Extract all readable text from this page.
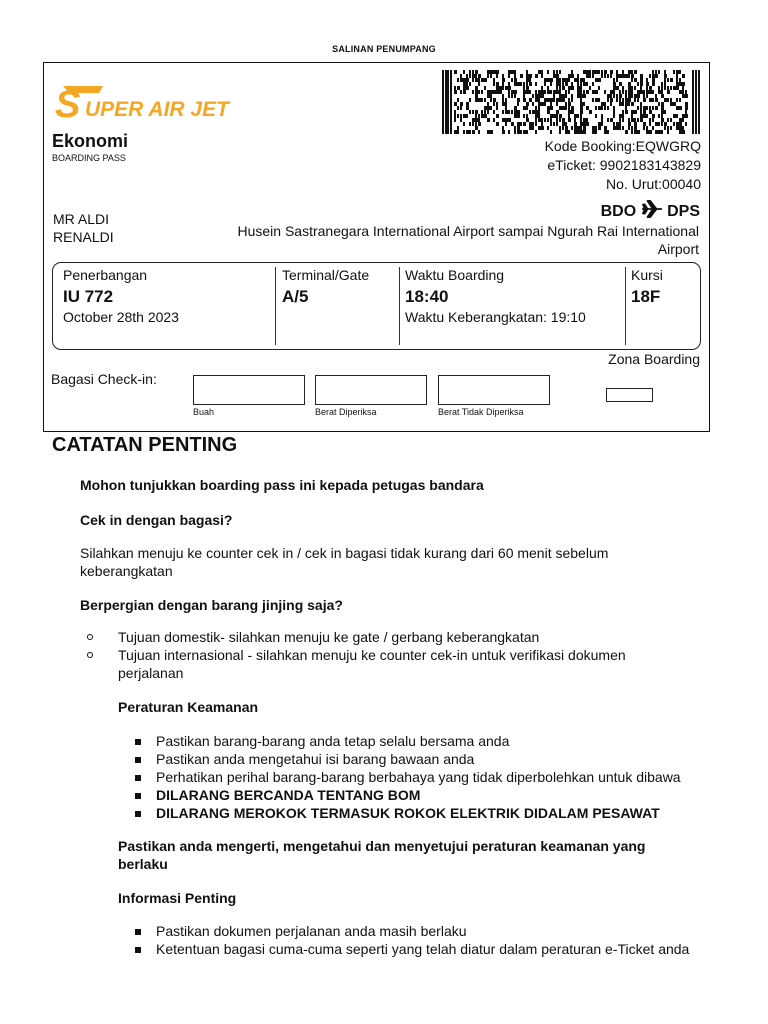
SALINAN PENUMPANG
S UPER AIR JET
Ekonomi
BOARDING PASS
Kode Booking:EQWGRQ
eTicket: 9902183143829
No. Urut:00040
MR ALDI
RENALDI
BDO DPS
Husein Sastranegara International Airport sampai Ngurah Rai International
Airport
Penerbangan
IU 772
October 28th 2023
Terminal/Gate
A/5
Waktu Boarding
18:40
Waktu Keberangkatan: 19:10
Kursi
18F
Zona Boarding
Bagasi Check-in:
Buah	Berat Diperiksa	Berat Tidak Diperiksa
CATATAN PENTING
Mohon tunjukkan boarding pass ini kepada petugas bandara
Cek in dengan bagasi?
Silahkan menuju ke counter cek in / cek in bagasi tidak kurang dari 60 menit sebelum
keberangkatan
Berpergian dengan barang jinjing saja?
Tujuan domestik- silahkan menuju ke gate / gerbang keberangkatan
Tujuan internasional - silahkan menuju ke counter cek-in untuk verifikasi dokumen perjalanan
Peraturan Keamanan
Pastikan barang-barang anda tetap selalu bersama anda
Pastikan anda mengetahui isi barang bawaan anda
Perhatikan perihal barang-barang berbahaya yang tidak diperbolehkan untuk dibawa
DILARANG BERCANDA TENTANG BOM
DILARANG MEROKOK TERMASUK ROKOK ELEKTRIK DIDALAM PESAWAT
Pastikan anda mengerti, mengetahui dan menyetujui peraturan keamanan yang berlaku
Informasi Penting
Pastikan dokumen perjalanan anda masih berlaku
Ketentuan bagasi cuma-cuma seperti yang telah diatur dalam peraturan e-Ticket anda
